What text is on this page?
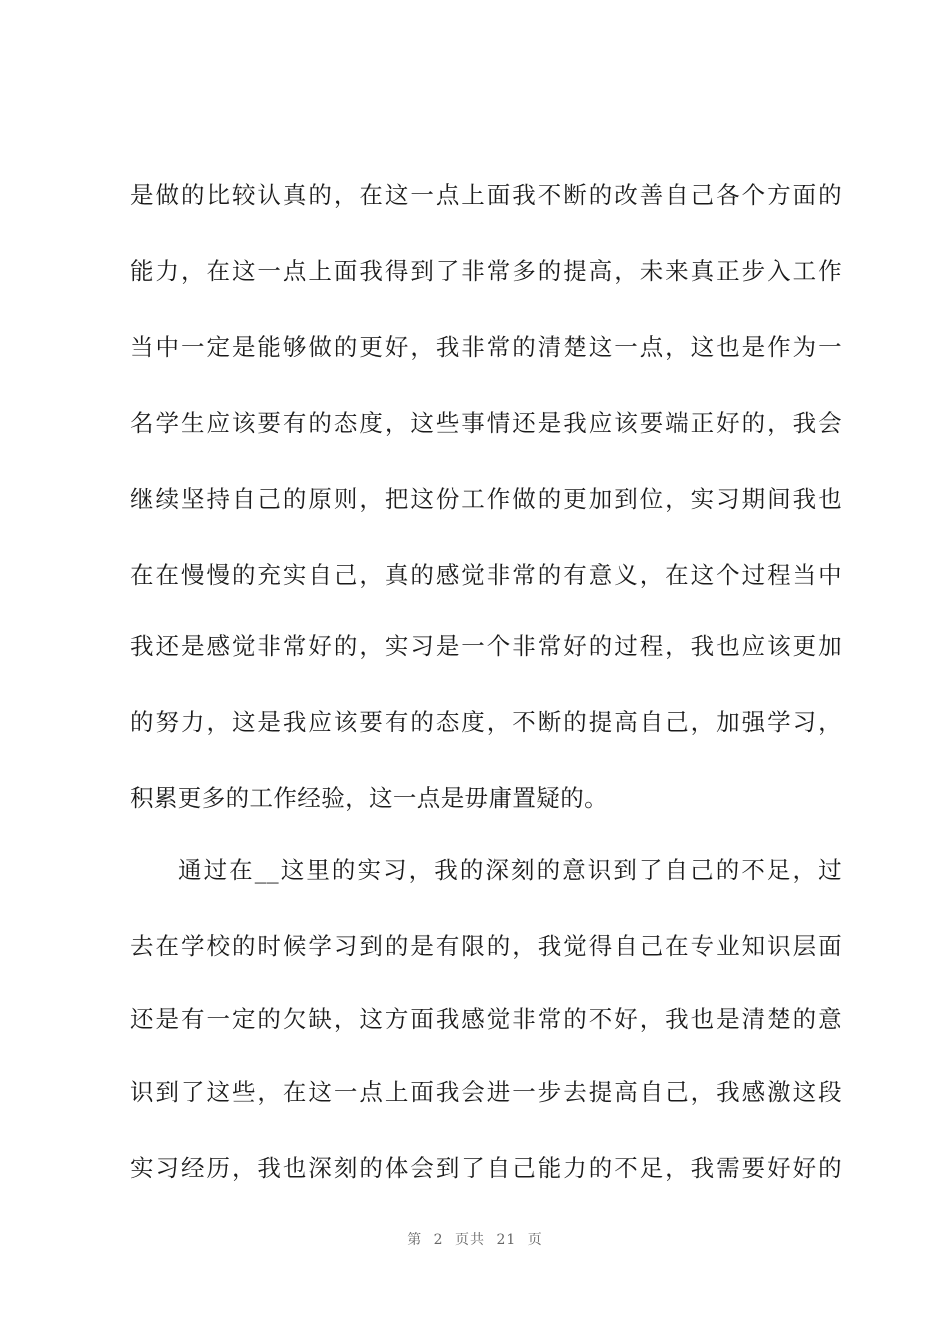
是做的比较认真的，在这一点上面我不断的改善自己各个方面的
能力，在这一点上面我得到了非常多的提高，未来真正步入工作
当中一定是能够做的更好，我非常的清楚这一点，这也是作为一
名学生应该要有的态度，这些事情还是我应该要端正好的，我会
继续坚持自己的原则，把这份工作做的更加到位，实习期间我也
在在慢慢的充实自己，真的感觉非常的有意义，在这个过程当中
我还是感觉非常好的，实习是一个非常好的过程，我也应该更加
的努力，这是我应该要有的态度，不断的提高自己，加强学习，
积累更多的工作经验，这一点是毋庸置疑的。
通过在__这里的实习，我的深刻的意识到了自己的不足，过
去在学校的时候学习到的是有限的，我觉得自己在专业知识层面
还是有一定的欠缺，这方面我感觉非常的不好，我也是清楚的意
识到了这些，在这一点上面我会进一步去提高自己，我感激这段
实习经历，我也深刻的体会到了自己能力的不足，我需要好好的
第 2 页共 21 页
